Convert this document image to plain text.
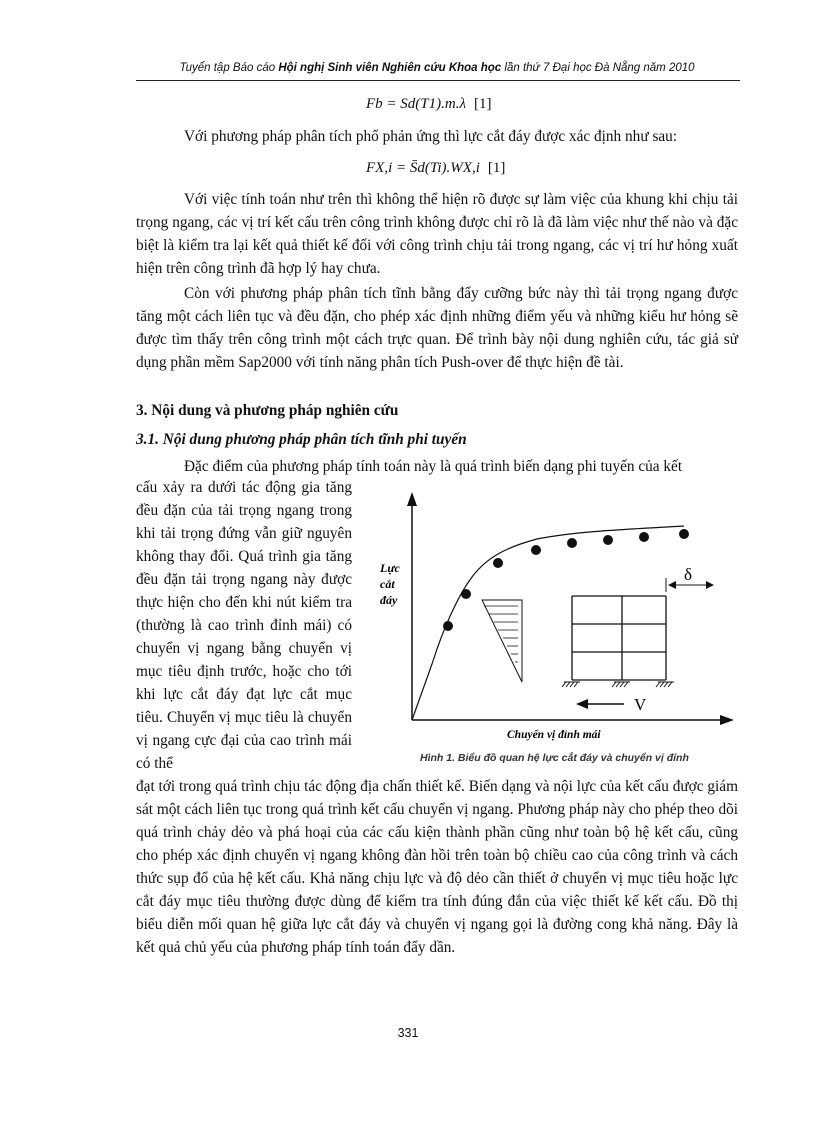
Tuyển tập Báo cáo Hội nghị Sinh viên Nghiên cứu Khoa học lần thứ 7 Đại học Đà Nẵng năm 2010
Fb = Sd(T1).m.λ [1]

Với phương pháp phân tích phổ phản ứng thì lực cắt đáy được xác định như sau:

FX,i = S̄d(Ti).WX,i [1]

Với việc tính toán như trên thì không thể hiện rõ được sự làm việc của khung khi chịu tải trọng ngang, các vị trí kết cấu trên công trình không được chỉ rõ là đã làm việc như thế nào và đặc biệt là kiểm tra lại kết quả thiết kế đối với công trình chịu tải trong ngang, các vị trí hư hỏng xuất hiện trên công trình đã hợp lý hay chưa.

Còn với phương pháp phân tích tĩnh bằng đẩy cưỡng bức này thì tải trọng ngang được tăng một cách liên tục và đều đặn, cho phép xác định những điểm yếu và những kiểu hư hỏng sẽ được tìm thấy trên công trình một cách trực quan. Để trình bày nội dung nghiên cứu, tác giả sử dụng phần mềm Sap2000 với tính năng phân tích Push-over để thực hiện đề tài.

3. Nội dung và phương pháp nghiên cứu

3.1. Nội dung phương pháp phân tích tĩnh phi tuyến

Đặc điểm của phương pháp tính toán này là quá trình biến dạng phi tuyến của kết

cấu xảy ra dưới tác động gia tăng đều đặn của tải trọng ngang trong khi tải trọng đứng vẫn giữ nguyên không thay đổi. Quá trình gia tăng đều đặn tải trọng ngang này được thực hiện cho đến khi nút kiểm tra (thường là cao trình đỉnh mái) có chuyển vị ngang bằng chuyển vị mục tiêu định trước, hoặc cho tới khi lực cắt đáy đạt lực cắt mục tiêu. Chuyển vị mục tiêu là chuyển vị ngang cực đại của cao trình mái có thể

Lực
cắt
đáy
δ
V
Chuyển vị đỉnh mái
Hình 1. Biểu đồ quan hệ lực cắt đáy và chuyển vị đỉnh

đạt tới trong quá trình chịu tác động địa chấn thiết kế. Biến dạng và nội lực của kết cấu được giám sát một cách liên tục trong quá trình kết cấu chuyển vị ngang. Phương pháp này cho phép theo dõi quá trình chảy dẻo và phá hoại của các cấu kiện thành phần cũng như toàn bộ hệ kết cấu, cũng cho phép xác định chuyển vị ngang không đàn hồi trên toàn bộ chiều cao của công trình và cách thức sụp đổ của hệ kết cấu. Khả năng chịu lực và độ dẻo cần thiết ở chuyển vị mục tiêu hoặc lực cắt đáy mục tiêu thường được dùng để kiểm tra tính đúng đắn của việc thiết kế kết cấu. Đồ thị biểu diễn mối quan hệ giữa lực cắt đáy và chuyển vị ngang gọi là đường cong khả năng. Đây là kết quả chủ yếu của phương pháp tính toán đẩy dần.

331
